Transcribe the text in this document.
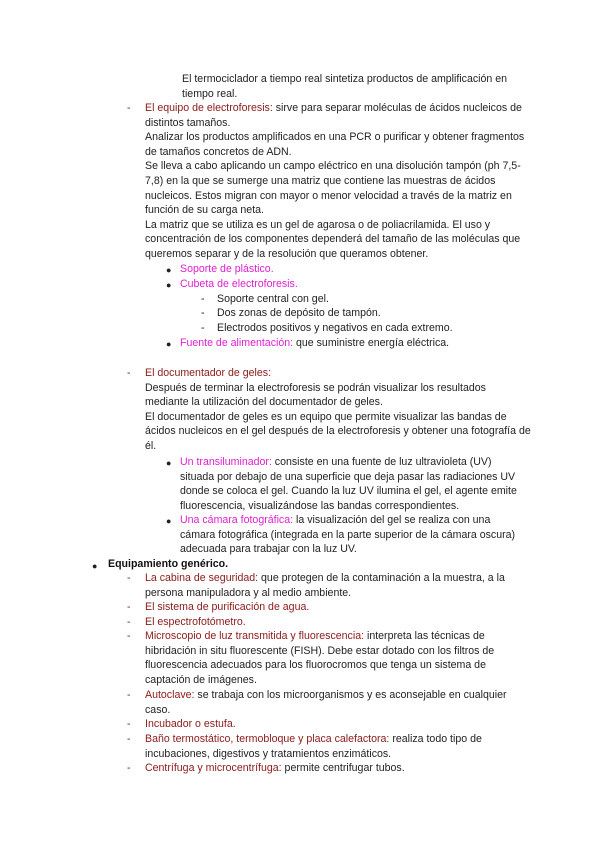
El termociclador a tiempo real sintetiza productos de amplificación en tiempo real.
- El equipo de electroforesis: sirve para separar moléculas de ácidos nucleicos de distintos tamaños.
Analizar los productos amplificados en una PCR o purificar y obtener fragmentos de tamaños concretos de ADN.
Se lleva a cabo aplicando un campo eléctrico en una disolución tampón (ph 7,5-7,8) en la que se sumerge una matriz que contiene las muestras de ácidos nucleicos. Estos migran con mayor o menor velocidad a través de la matriz en función de su carga neta.
La matriz que se utiliza es un gel de agarosa o de poliacrilamida. El uso y concentración de los componentes dependerá del tamaño de las moléculas que queremos separar y de la resolución que queramos obtener.
● Soporte de plástico.
● Cubeta de electroforesis.
- Soporte central con gel.
- Dos zonas de depósito de tampón.
- Electrodos positivos y negativos en cada extremo.
● Fuente de alimentación: que suministre energía eléctrica.
- El documentador de geles:
Después de terminar la electroforesis se podrán visualizar los resultados mediante la utilización del documentador de geles.
El documentador de geles es un equipo que permite visualizar las bandas de ácidos nucleicos en el gel después de la electroforesis y obtener una fotografía de él.
● Un transiluminador: consiste en una fuente de luz ultravioleta (UV) situada por debajo de una superficie que deja pasar las radiaciones UV donde se coloca el gel. Cuando la luz UV ilumina el gel, el agente emite fluorescencia, visualizándose las bandas correspondientes.
● Una cámara fotográfica: la visualización del gel se realiza con una cámara fotográfica (integrada en la parte superior de la cámara oscura) adecuada para trabajar con la luz UV.
● Equipamiento genérico.
- La cabina de seguridad: que protegen de la contaminación a la muestra, a la persona manipuladora y al medio ambiente.
- El sistema de purificación de agua.
- El espectrofotómetro.
- Microscopio de luz transmitida y fluorescencia: interpreta las técnicas de hibridación in situ fluorescente (FISH). Debe estar dotado con los filtros de fluorescencia adecuados para los fluorocromos que tenga un sistema de captación de imágenes.
- Autoclave: se trabaja con los microorganismos y es aconsejable en cualquier caso.
- Incubador o estufa.
- Baño termostático, termobloque y placa calefactora: realiza todo tipo de incubaciones, digestivos y tratamientos enzimáticos.
- Centrífuga y microcentrífuga: permite centrifugar tubos.
